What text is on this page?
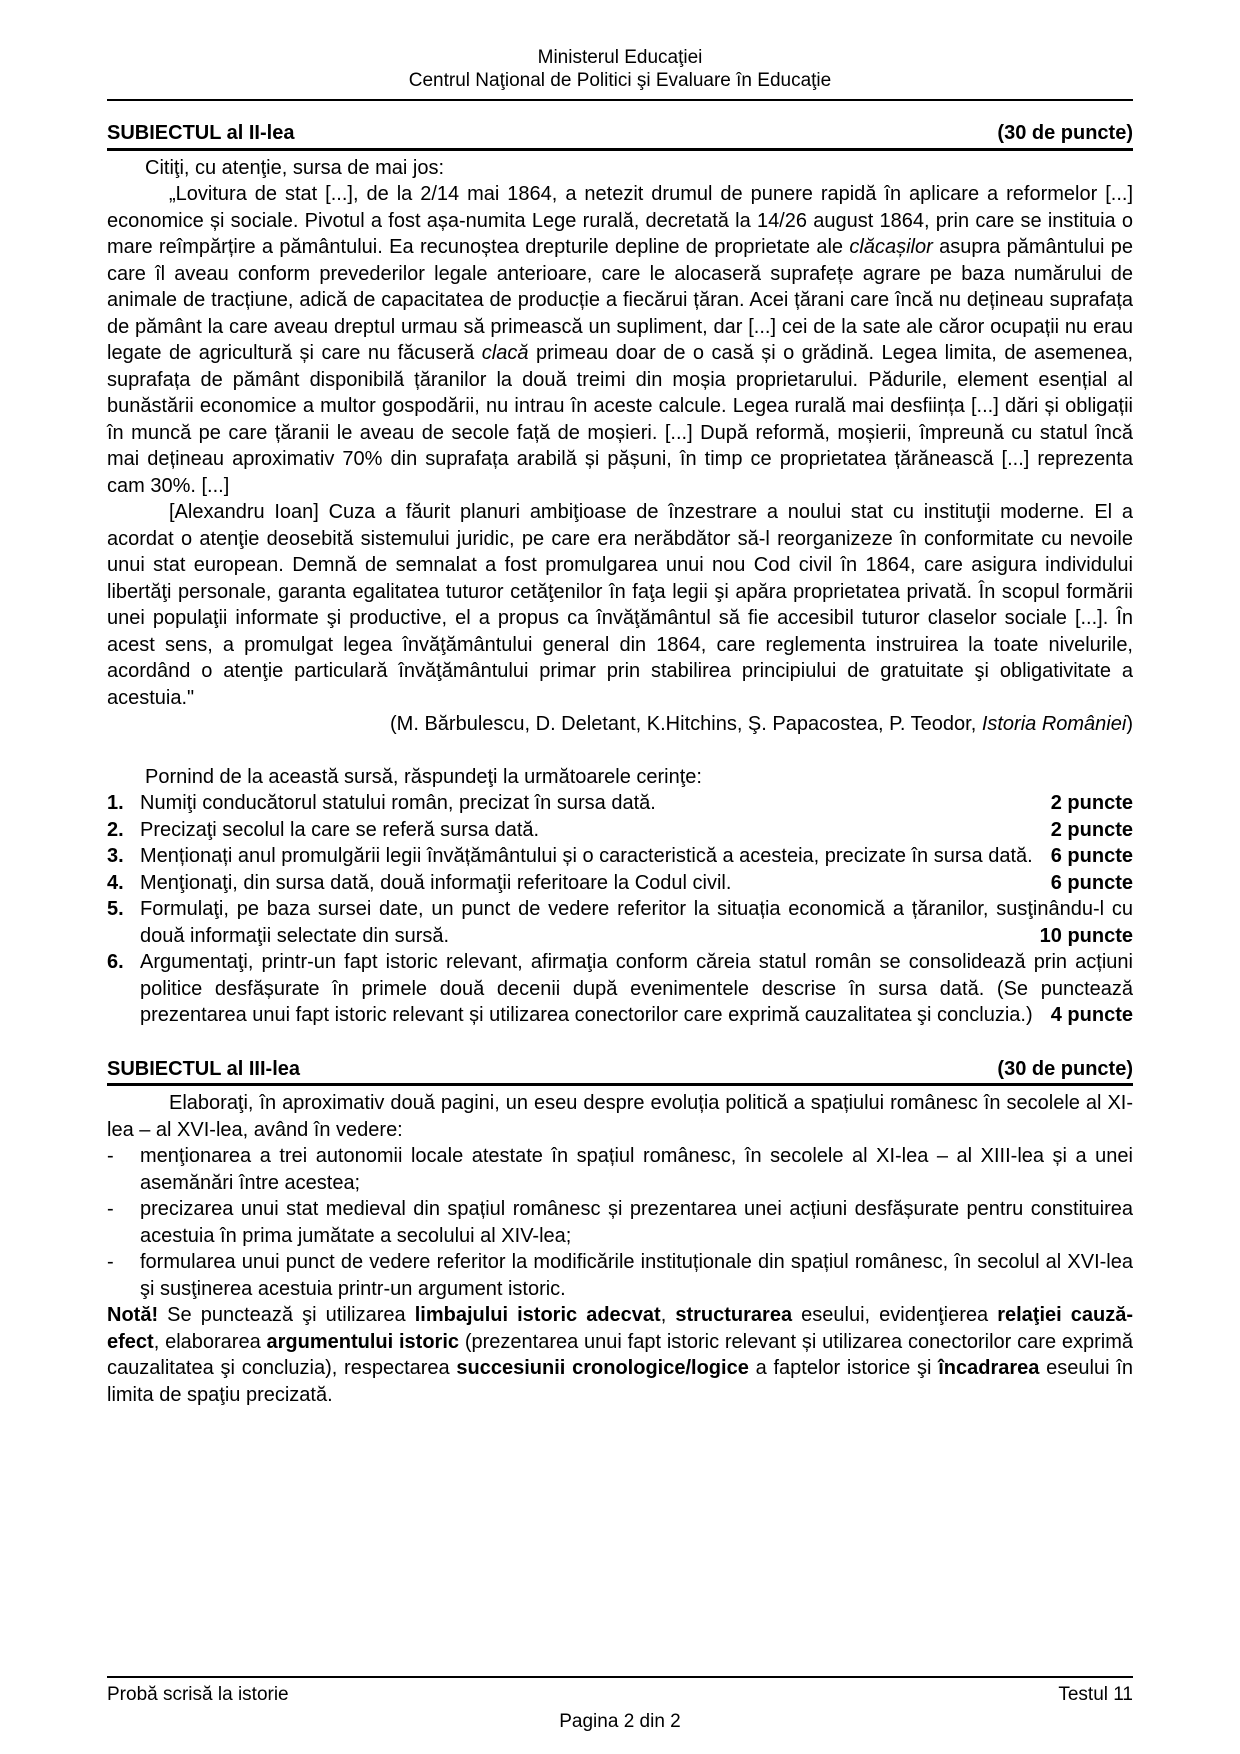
Ministerul Educaţiei
Centrul Naţional de Politici şi Evaluare în Educaţie
SUBIECTUL al II-lea	(30 de puncte)

Citiţi, cu atenţie, sursa de mai jos:

„Lovitura de stat [...], de la 2/14 mai 1864, a netezit drumul de punere rapidă în aplicare a reformelor [...] economice și sociale. Pivotul a fost așa-numita Lege rurală, decretată la 14/26 august 1864, prin care se instituia o mare reîmpărțire a pământului. Ea recunoștea drepturile depline de proprietate ale clăcașilor asupra pământului pe care îl aveau conform prevederilor legale anterioare, care le alocaseră suprafețe agrare pe baza numărului de animale de tracțiune, adică de capacitatea de producție a fiecărui țăran. Acei țărani care încă nu dețineau suprafața de pământ la care aveau dreptul urmau să primească un supliment, dar [...] cei de la sate ale căror ocupații nu erau legate de agricultură și care nu făcuseră clacă primeau doar de o casă și o grădină. Legea limita, de asemenea, suprafața de pământ disponibilă țăranilor la două treimi din moșia proprietarului. Pădurile, element esențial al bunăstării economice a multor gospodării, nu intrau în aceste calcule. Legea rurală mai desființa [...] dări și obligații în muncă pe care țăranii le aveau de secole față de moșieri. [...] După reformă, moșierii, împreună cu statul încă mai dețineau aproximativ 70% din suprafața arabilă și pășuni, în timp ce proprietatea țărănească [...] reprezenta cam 30%. [...]

[Alexandru Ioan] Cuza a făurit planuri ambiţioase de înzestrare a noului stat cu instituţii moderne. El a acordat o atenţie deosebită sistemului juridic, pe care era nerăbdător să-l reorganizeze în conformitate cu nevoile unui stat european. Demnă de semnalat a fost promulgarea unui nou Cod civil în 1864, care asigura individului libertăţi personale, garanta egalitatea tuturor cetăţenilor în faţa legii şi apăra proprietatea privată. În scopul formării unei populaţii informate şi productive, el a propus ca învăţământul să fie accesibil tuturor claselor sociale [...]. În acest sens, a promulgat legea învăţământului general din 1864, care reglementa instruirea la toate nivelurile, acordând o atenţie particulară învăţământului primar prin stabilirea principiului de gratuitate şi obligativitate a acestuia."

(M. Bărbulescu, D. Deletant, K.Hitchins, Ş. Papacostea, P. Teodor, Istoria României)

Pornind de la această sursă, răspundeţi la următoarele cerinţe:

1. Numiţi conducătorul statului român, precizat în sursa dată.	2 puncte
2. Precizaţi secolul la care se referă sursa dată.	2 puncte
3. Menționați anul promulgării legii învățământului și o caracteristică a acesteia, precizate în sursa dată. 6 puncte
4. Menţionaţi, din sursa dată, două informaţii referitoare la Codul civil.	6 puncte
5. Formulaţi, pe baza sursei date, un punct de vedere referitor la situația economică a țăranilor, susţinându-l cu două informaţii selectate din sursă.	10 puncte
6. Argumentaţi, printr-un fapt istoric relevant, afirmaţia conform căreia statul român se consolidează prin acțiuni politice desfășurate în primele două decenii după evenimentele descrise în sursa dată. (Se punctează prezentarea unui fapt istoric relevant și utilizarea conectorilor care exprimă cauzalitatea şi concluzia.) 4 puncte
SUBIECTUL al III-lea	(30 de puncte)

Elaboraţi, în aproximativ două pagini, un eseu despre evoluția politică a spațiului românesc în secolele al XI-lea – al XVI-lea, având în vedere:

-	menţionarea a trei autonomii locale atestate în spațiul românesc, în secolele al XI-lea – al XIII-lea și a unei asemănări între acestea;
-	precizarea unui stat medieval din spațiul românesc și prezentarea unei acțiuni desfășurate pentru constituirea acestuia în prima jumătate a secolului al XIV-lea;
-	formularea unui punct de vedere referitor la modificările instituționale din spațiul românesc, în secolul al XVI-lea şi susţinerea acestuia printr-un argument istoric.

Notă! Se punctează şi utilizarea limbajului istoric adecvat, structurarea eseului, evidenţierea relaţiei cauză-efect, elaborarea argumentului istoric (prezentarea unui fapt istoric relevant și utilizarea conectorilor care exprimă cauzalitatea şi concluzia), respectarea succesiunii cronologice/logice a faptelor istorice şi încadrarea eseului în limita de spaţiu precizată.

Probă scrisă la istorie	Testul 11
Pagina 2 din 2
